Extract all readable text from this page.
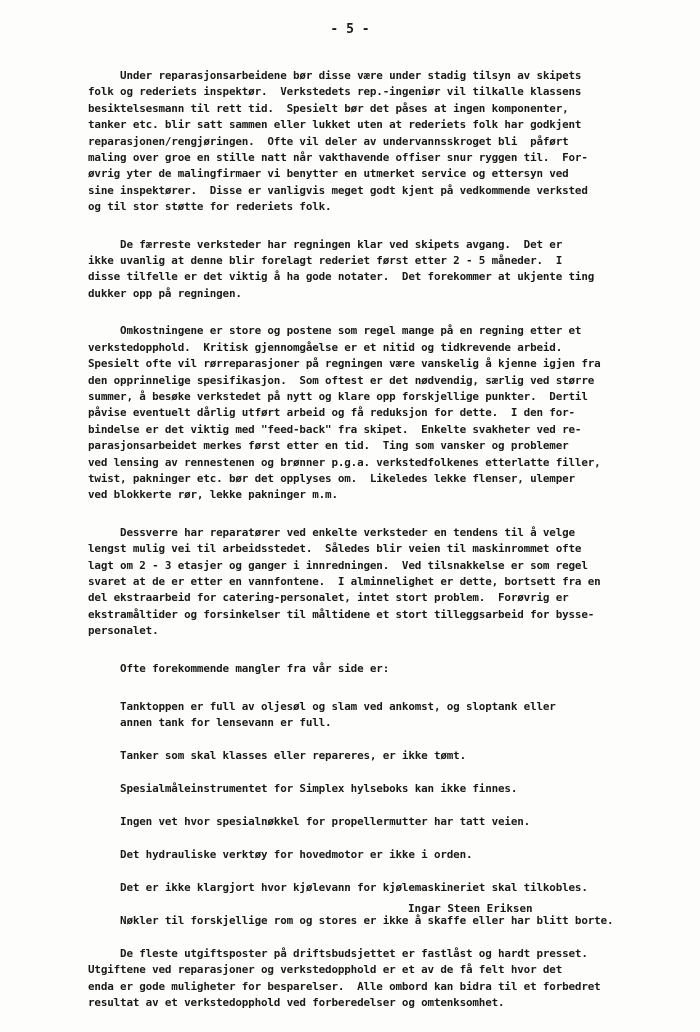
- 5 -

Under reparasjonsarbeidene bør disse være under stadig tilsyn av skipets
folk og rederiets inspektør.  Verkstedets rep.-ingeniør vil tilkalle klassens
besiktelsesmann til rett tid.  Spesielt bør det påses at ingen komponenter,
tanker etc. blir satt sammen eller lukket uten at rederiets folk har godkjent
reparasjonen/rengjøringen.  Ofte vil deler av undervannsskroget bli  påført
maling over groe en stille natt når vakthavende offiser snur ryggen til.  For-
øvrig yter de malingfirmaer vi benytter en utmerket service og ettersyn ved
sine inspektører.  Disse er vanligvis meget godt kjent på vedkommende verksted
og til stor støtte for rederiets folk.

De færreste verksteder har regningen klar ved skipets avgang.  Det er
ikke uvanlig at denne blir forelagt rederiet først etter 2 - 5 måneder.  I
disse tilfelle er det viktig å ha gode notater.  Det forekommer at ukjente ting
dukker opp på regningen.

Omkostningene er store og postene som regel mange på en regning etter et
verkstedopphold.  Kritisk gjennomgåelse er et nitid og tidkrevende arbeid.
Spesielt ofte vil rørreparasjoner på regningen være vanskelig å kjenne igjen fra
den opprinnelige spesifikasjon.  Som oftest er det nødvendig, særlig ved større
summer, å besøke verkstedet på nytt og klare opp forskjellige punkter.  Dertil
påvise eventuelt dårlig utført arbeid og få reduksjon for dette.  I den for-
bindelse er det viktig med "feed-back" fra skipet.  Enkelte svakheter ved re-
parasjonsarbeidet merkes først etter en tid.  Ting som vansker og problemer
ved lensing av rennestenen og brønner p.g.a. verkstedfolkenes etterlatte filler,
twist, pakninger etc. bør det opplyses om.  Likeledes lekke flenser, ulemper
ved blokkerte rør, lekke pakninger m.m.

Dessverre har reparatører ved enkelte verksteder en tendens til å velge
lengst mulig vei til arbeidsstedet.  Således blir veien til maskinrommet ofte
lagt om 2 - 3 etasjer og ganger i innredningen.  Ved tilsnakkelse er som regel
svaret at de er etter en vannfontene.  I alminnelighet er dette, bortsett fra en
del ekstraarbeid for catering-personalet, intet stort problem.  Forøvrig er
ekstramåltider og forsinkelser til måltidene et stort tilleggsarbeid for bysse-
personalet.

Ofte forekommende mangler fra vår side er:

Tanktoppen er full av oljesøl og slam ved ankomst, og sloptank eller
annen tank for lensevann er full.

Tanker som skal klasses eller repareres, er ikke tømt.

Spesialmåleinstrumentet for Simplex hylseboks kan ikke finnes.

Ingen vet hvor spesialnøkkel for propellermutter har tatt veien.

Det hydrauliske verktøy for hovedmotor er ikke i orden.

Det er ikke klargjort hvor kjølevann for kjølemaskineriet skal tilkobles.

Nøkler til forskjellige rom og stores er ikke å skaffe eller har blitt borte.

De fleste utgiftsposter på driftsbudsjettet er fastlåst og hardt presset.
Utgiftene ved reparasjoner og verkstedopphold er et av de få felt hvor det
enda er gode muligheter for besparelser.  Alle ombord kan bidra til et forbedret
resultat av et verkstedopphold ved forberedelser og omtenksomhet.

Ingar Steen Eriksen
